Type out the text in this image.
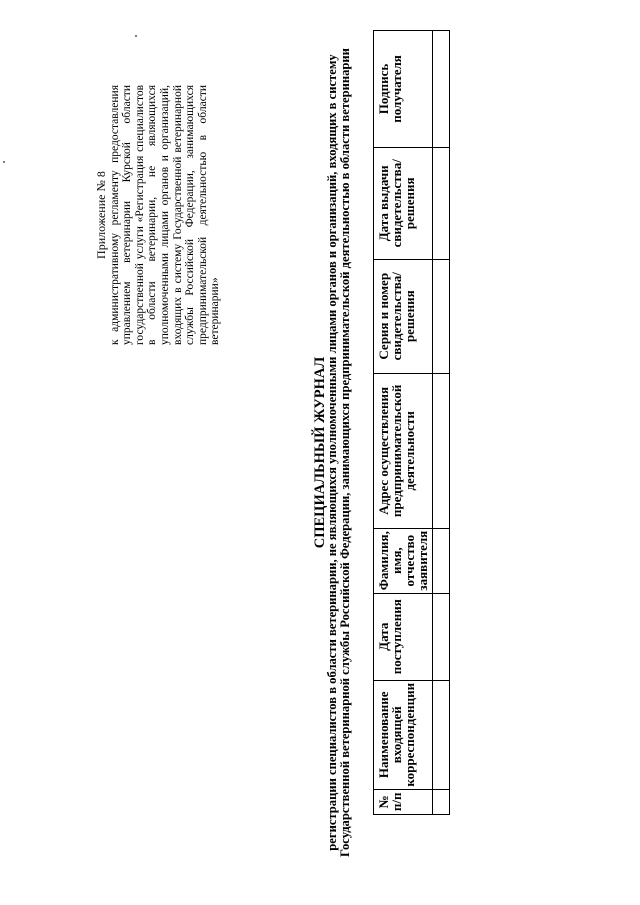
Приложение № 8 к административному регламенту предоставления управлением ветеринарии Курской области государственной услуги «Регистрация специалистов в области ветеринарии, не являющихся уполномоченными лицами органов и организаций, входящих в систему Государственной ветеринарной службы Российской Федерации, занимающихся предпринимательской деятельностью в области ветеринарии»
СПЕЦИАЛЬНЫЙ ЖУРНАЛ
регистрации специалистов в области ветеринарии, не являющихся уполномоченными лицами органов и организаций, входящих в систему Государственной ветеринарной службы Российской Федерации, занимающихся предпринимательской деятельностью в области ветеринарии № п/п	Наименование входящей корреспонденции	Дата поступления	Фамилия, имя, отчество заявителя	Адрес осуществления предпринимательской деятельности	Серия и номер свидетельства/ решения	Дата выдачи свидетельства/ решения	Подпись получателя
